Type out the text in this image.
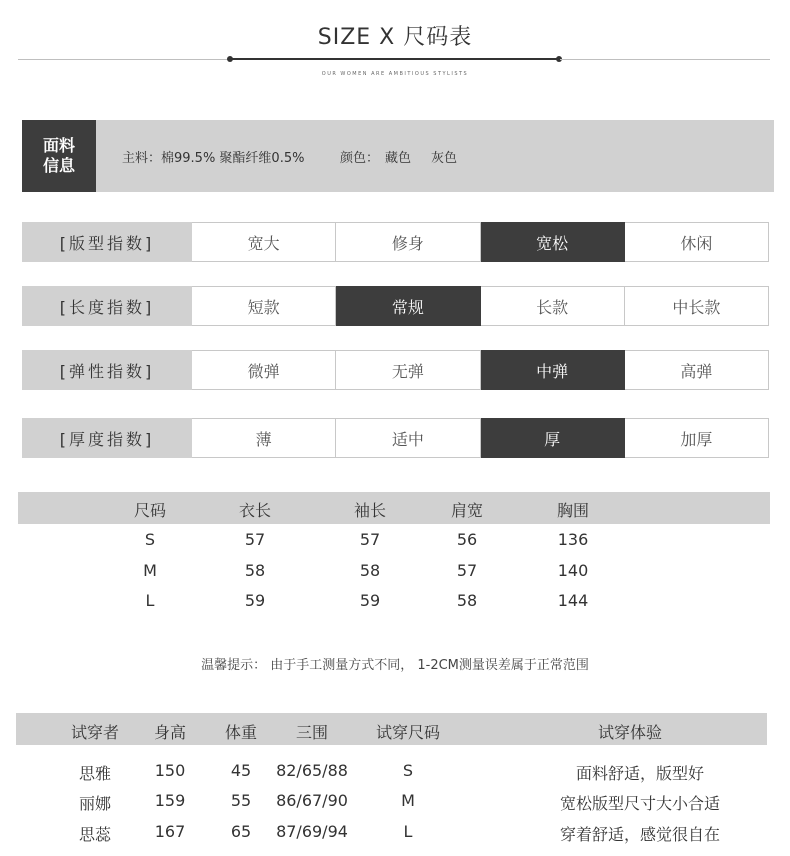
SIZE X 尺码表
OUR WOMEN ARE AMBITIOUS STYLISTS
面料
信息	主料：棉99.5% 聚酯纤维0.5%	颜色： 藏色 灰色
[版型指数]	宽大	修身	宽松	休闲
[长度指数]	短款	常规	长款	中长款
[弹性指数]	微弹	无弹	中弹	高弹
[厚度指数]	薄	适中	厚	加厚
尺码	衣长	袖长	肩宽	胸围
S	57	57	56	136
M	58	58	57	140
L	59	59	58	144
温馨提示： 由于手工测量方式不同， 1-2CM测量误差属于正常范围
试穿者	身高	体重	三围	试穿尺码	试穿体验
思雅	150	45	82/65/88	S	面料舒适，版型好
丽娜	159	55	86/67/90	M	宽松版型尺寸大小合适
思蕊	167	65	87/69/94	L	穿着舒适，感觉很自在
